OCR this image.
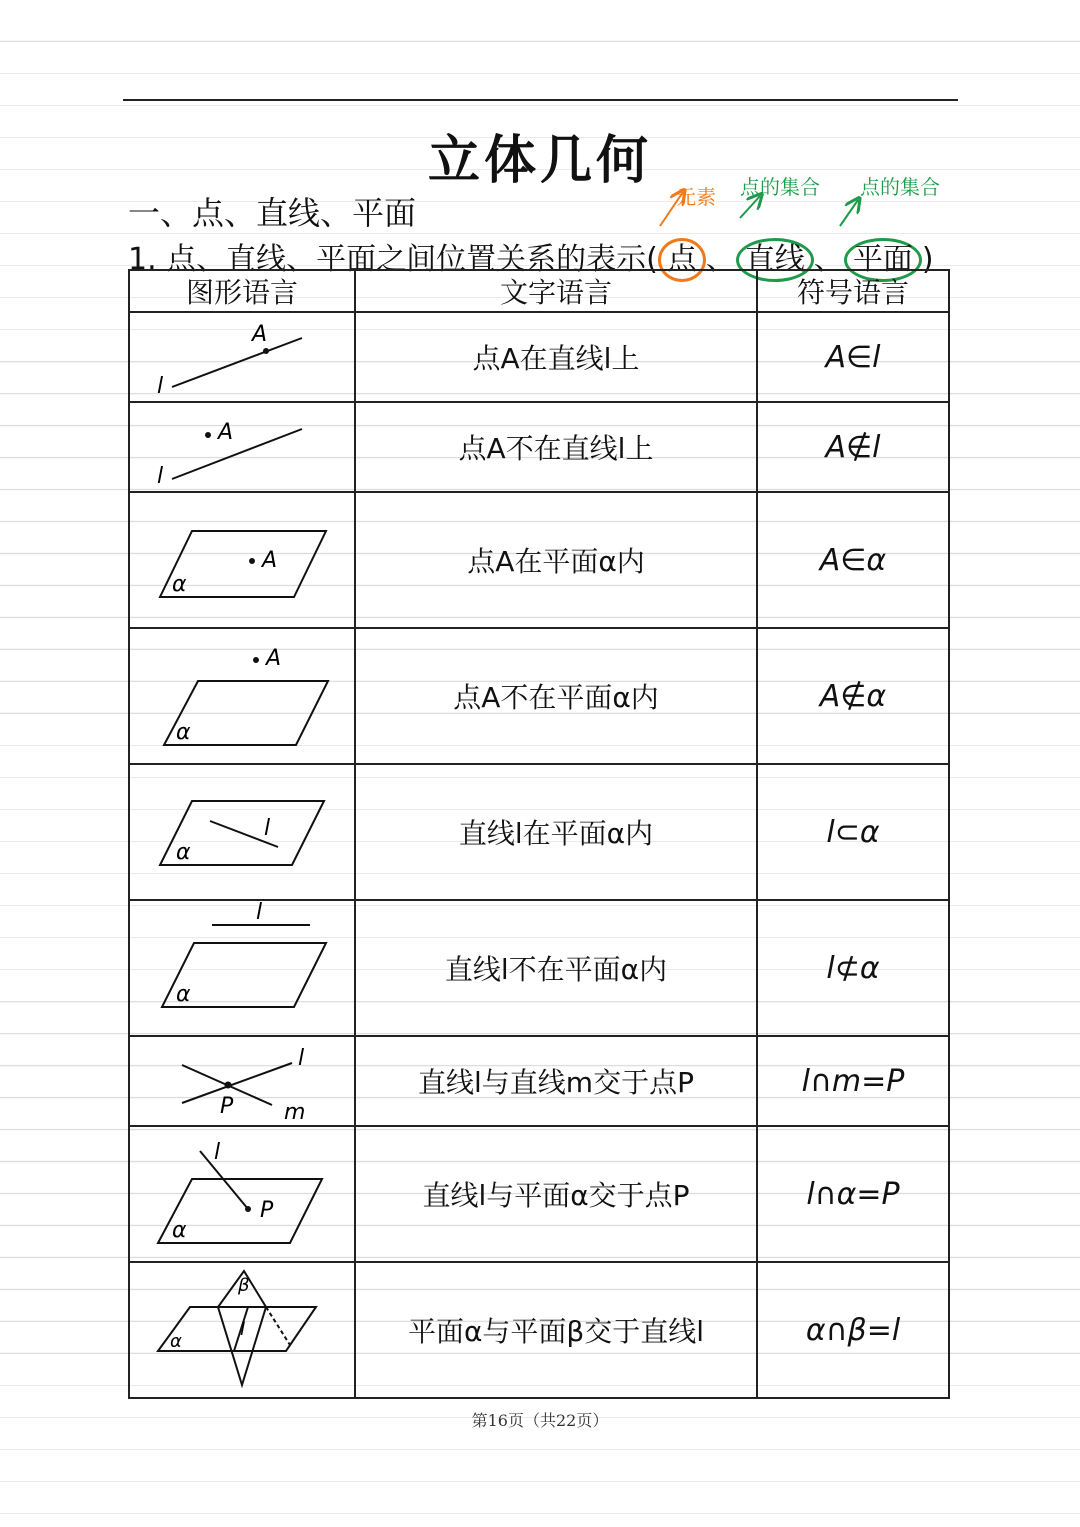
立体几何
一、点、直线、平面
1. 点、直线、平面之间位置关系的表示( 点 、 直线 、 平面 )
元素 点的集合 点的集合
图形语言	文字语言	符号语言

A
l	点A在直线l上	A∈l

A
l	点A不在直线l上	A∉l

A
α	点A在平面α内	A∈α

A
α	点A不在平面α内	A∉α

l
α	直线l在平面α内	l⊂α

l
α	直线l不在平面α内	l⊄α

l
m
P	直线l与直线m交于点P	l∩m=P

l
P
α	直线l与平面α交于点P	l∩α=P

β
l
α	平面α与平面β交于直线l	α∩β=l
第16页（共22页）
